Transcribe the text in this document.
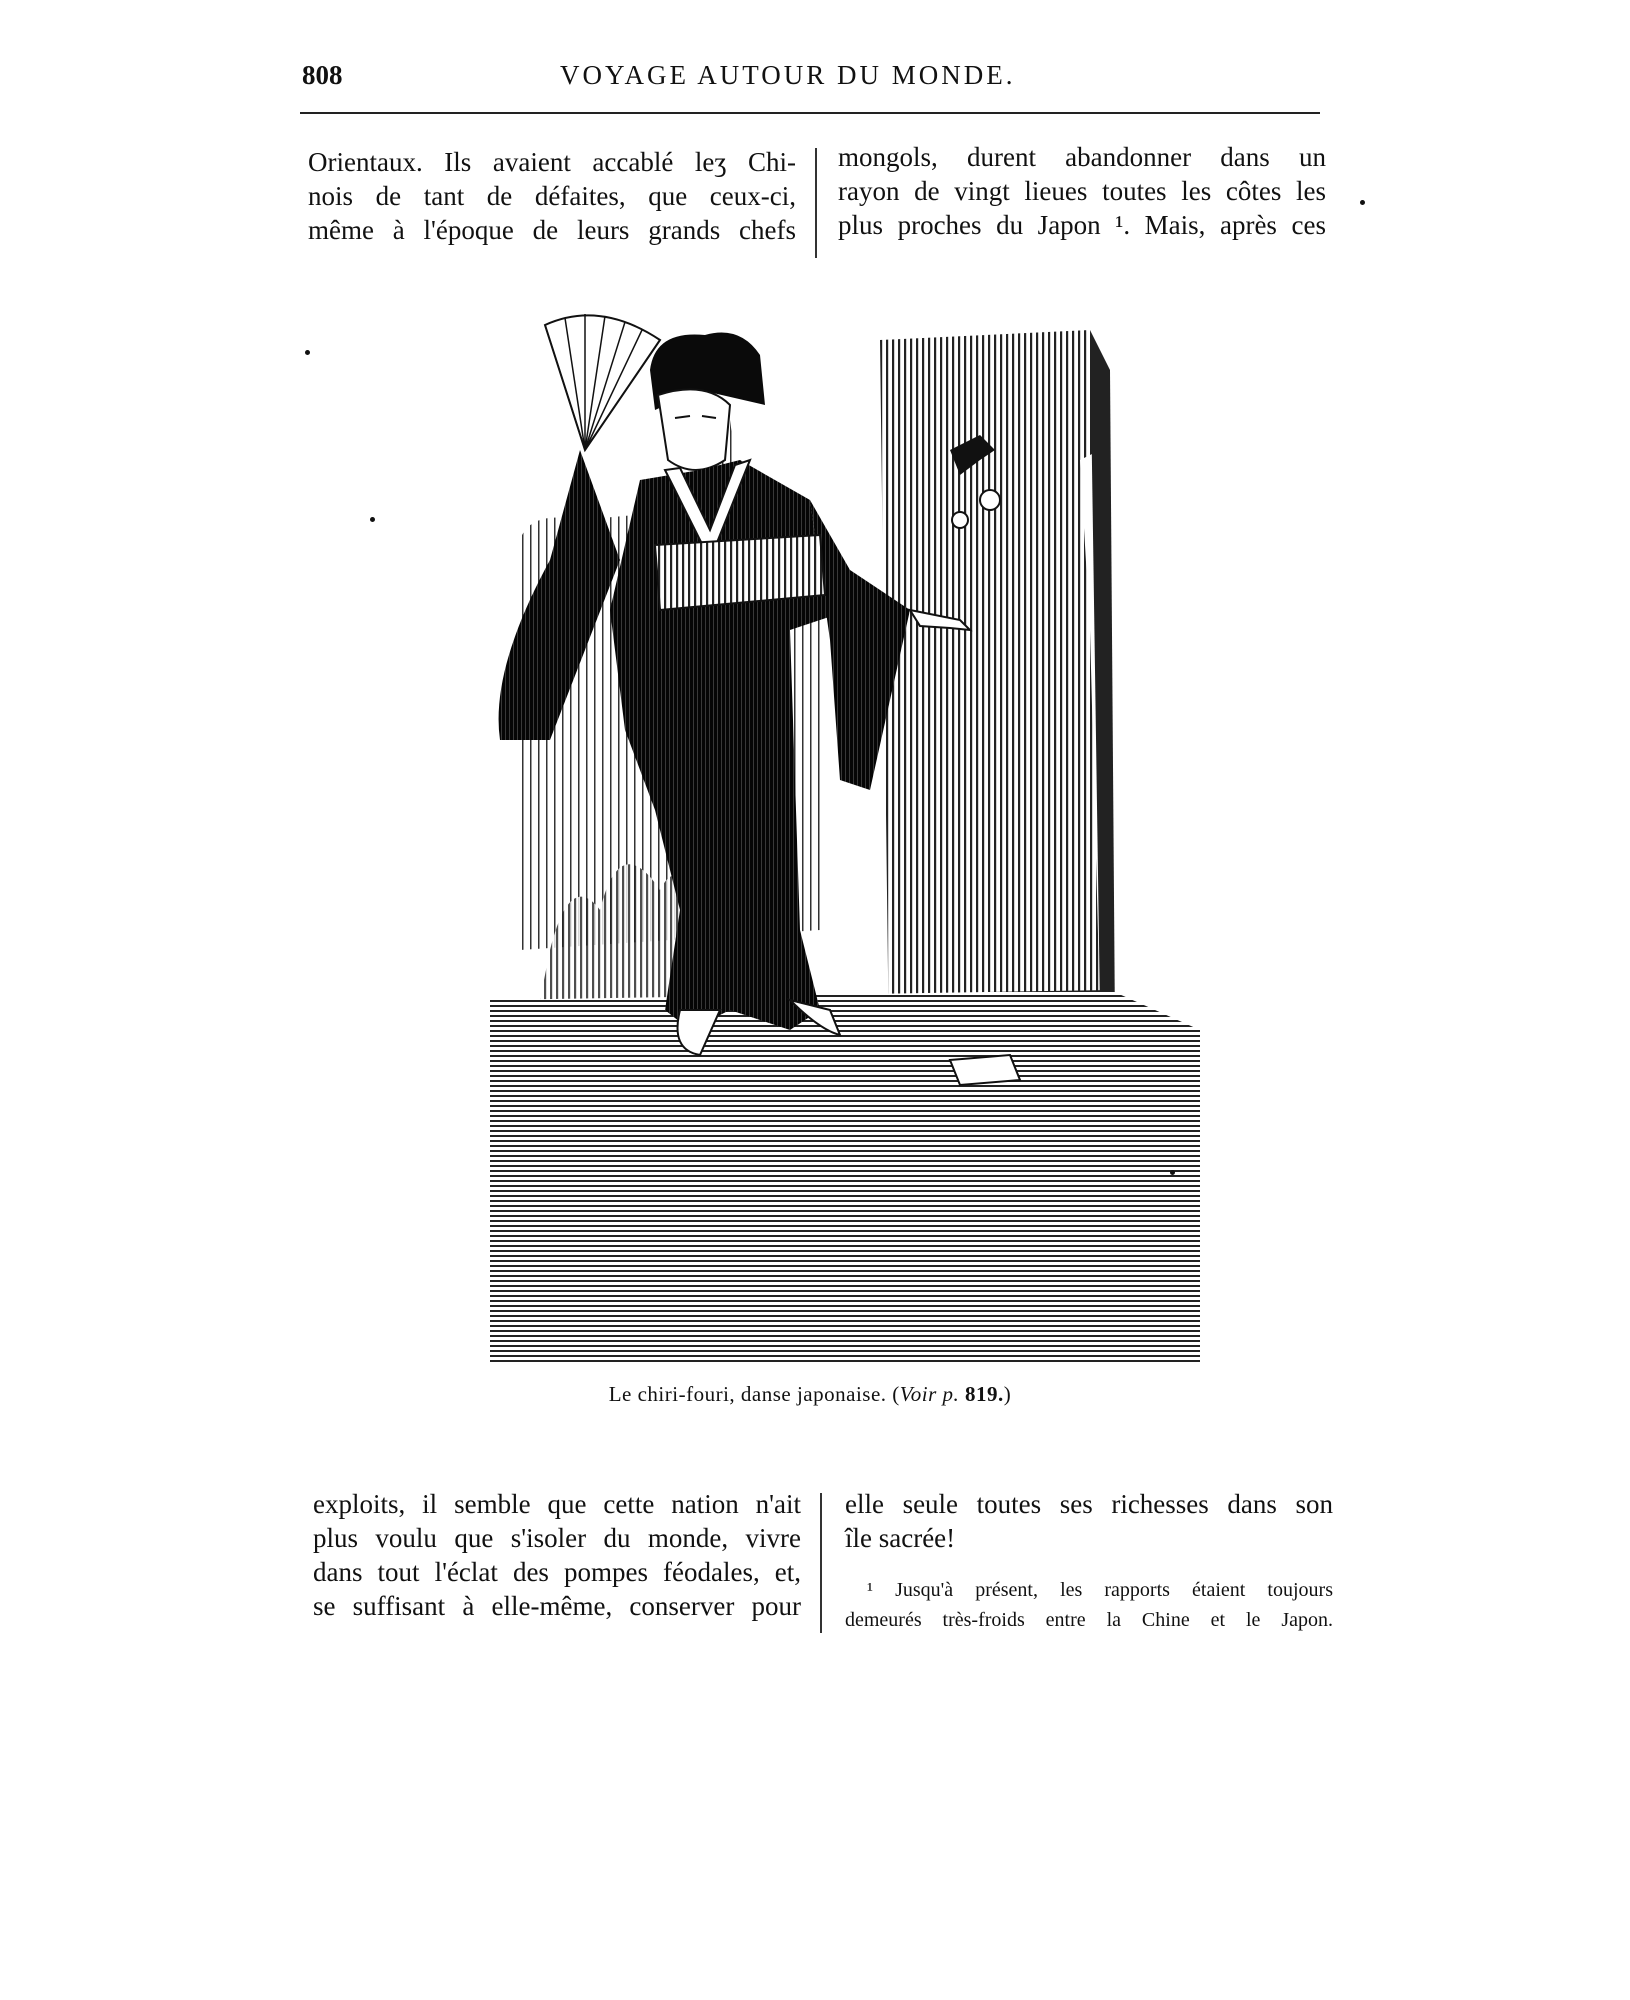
808	VOYAGE AUTOUR DU MONDE.
Orientaux. Ils avaient accablé leʒ Chi-
nois de tant de défaites, que ceux-ci,
même à l'époque de leurs grands chefs
mongols, durent abandonner dans un
rayon de vingt lieues toutes les côtes les
plus proches du Japon ¹. Mais, après ces
Le chiri-fouri, danse japonaise. (Voir p. 819.)
exploits, il semble que cette nation n'ait
plus voulu que s'isoler du monde, vivre
dans tout l'éclat des pompes féodales, et,
se suffisant à elle-même, conserver pour
elle seule toutes ses richesses dans son
île sacrée!
¹ Jusqu'à présent, les rapports étaient toujours
demeurés très-froids entre la Chine et le Japon.
